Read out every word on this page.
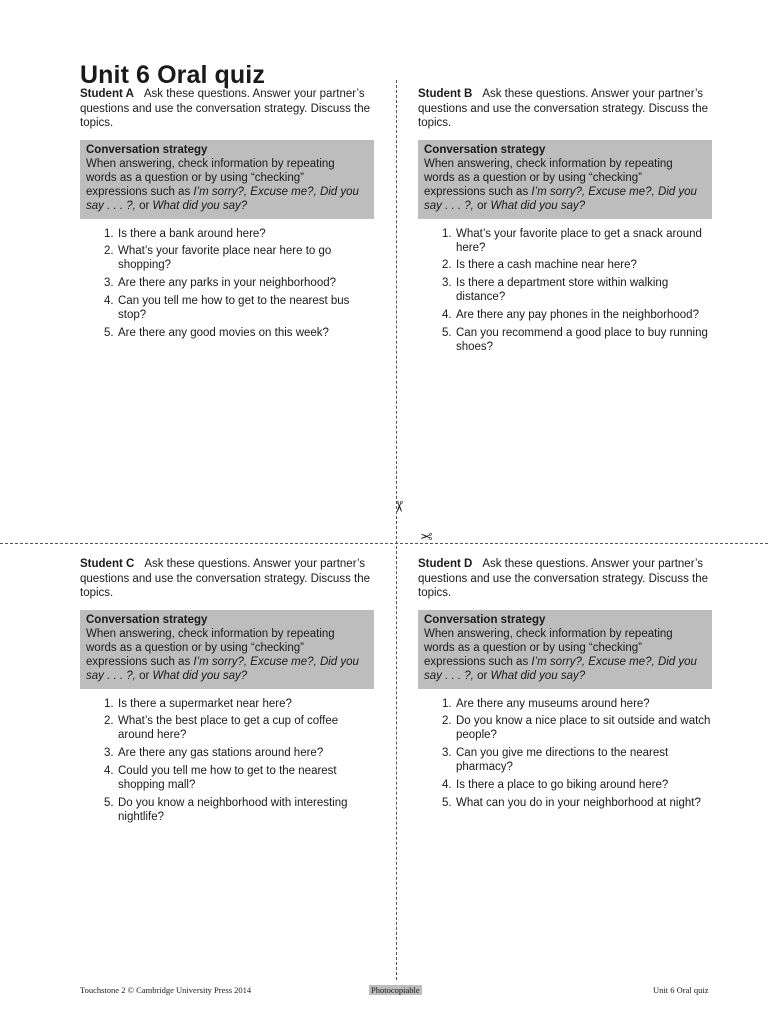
Unit 6 Oral quiz
✂
✂

Student A Ask these questions. Answer your partner’s questions and use the conversation strategy. Discuss the topics.

Conversation strategy
When answering, check information by repeating words as a question or by using “checking” expressions such as I’m sorry?, Excuse me?, Did you say . . . ?, or What did you say?
1. Is there a bank around here?
2. What’s your favorite place near here to go shopping?
3. Are there any parks in your neighborhood?
4. Can you tell me how to get to the nearest bus stop?
5. Are there any good movies on this week?

Student B Ask these questions. Answer your partner’s questions and use the conversation strategy. Discuss the topics.

Conversation strategy
When answering, check information by repeating words as a question or by using “checking” expressions such as I’m sorry?, Excuse me?, Did you say . . . ?, or What did you say?
1. What’s your favorite place to get a snack around here?
2. Is there a cash machine near here?
3. Is there a department store within walking distance?
4. Are there any pay phones in the neighborhood?
5. Can you recommend a good place to buy running shoes?

Student C Ask these questions. Answer your partner’s questions and use the conversation strategy. Discuss the topics.

Conversation strategy
When answering, check information by repeating words as a question or by using “checking” expressions such as I’m sorry?, Excuse me?, Did you say . . . ?, or What did you say?
1. Is there a supermarket near here?
2. What’s the best place to get a cup of coffee around here?
3. Are there any gas stations around here?
4. Could you tell me how to get to the nearest shopping mall?
5. Do you know a neighborhood with interesting nightlife?

Student D Ask these questions. Answer your partner’s questions and use the conversation strategy. Discuss the topics.

Conversation strategy
When answering, check information by repeating words as a question or by using “checking” expressions such as I’m sorry?, Excuse me?, Did you say . . . ?, or What did you say?
1. Are there any museums around here?
2. Do you know a nice place to sit outside and watch people?
3. Can you give me directions to the nearest pharmacy?
4. Is there a place to go biking around here?
5. What can you do in your neighborhood at night?
Touchstone 2 © Cambridge University Press 2014	Photocopiable	Unit 6 Oral quiz
